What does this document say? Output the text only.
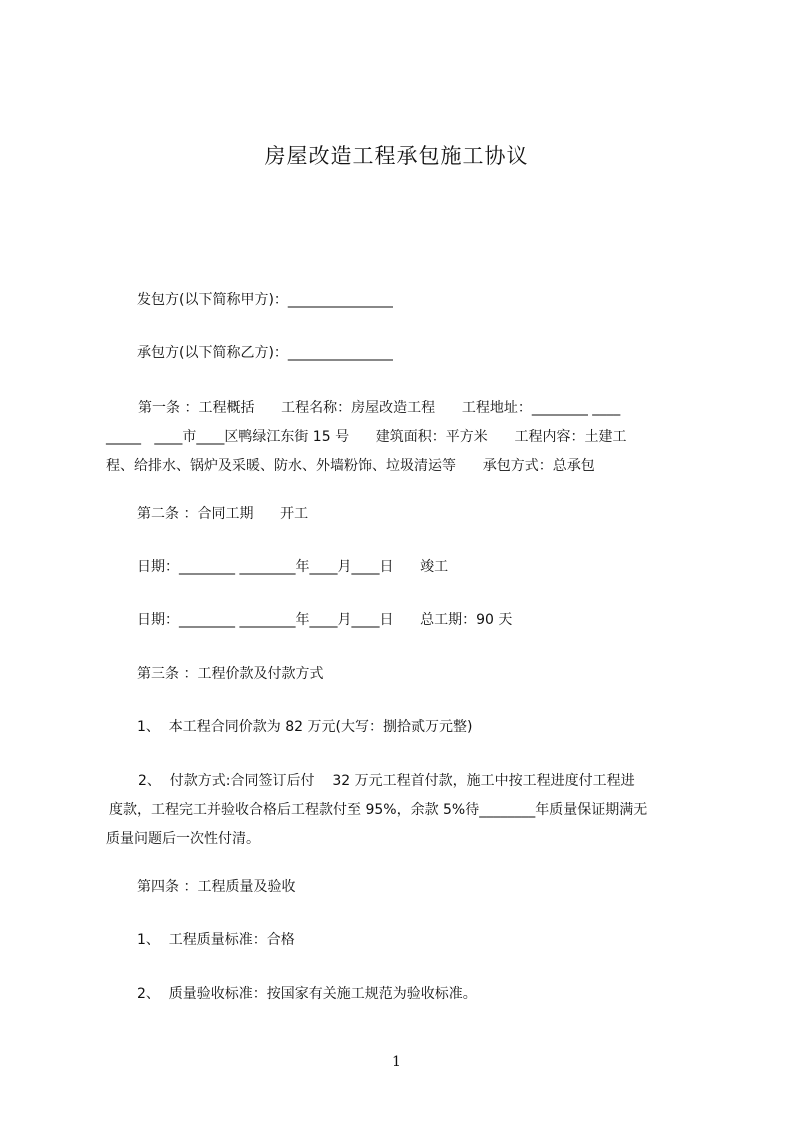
房屋改造工程承包施工协议
发包方(以下简称甲方)：_______________
承包方(以下简称乙方)：_______________
第一条 ：工程概括      工程名称：房屋改造工程      工程地址：________ ____
_____   ____市____区鸭绿江东街 15 号      建筑面积：平方米      工程内容：土建工
程、给排水、锅炉及采暖、防水、外墙粉饰、垃圾清运等      承包方式：总承包
第二条 ：合同工期      开工
日期：________ ________年____月____日      竣工
日期：________ ________年____月____日      总工期：90 天
第三条 ：工程价款及付款方式
1、  本工程合同价款为 82 万元(大写：捌拾贰万元整)
2、  付款方式:合同签订后付    32 万元工程首付款，施工中按工程进度付工程进
度款，工程完工并验收合格后工程款付至 95%，余款 5%待________年质量保证期满无
质量问题后一次性付清。
第四条 ：工程质量及验收
1、  工程质量标准：合格
2、  质量验收标准：按国家有关施工规范为验收标准。
1
